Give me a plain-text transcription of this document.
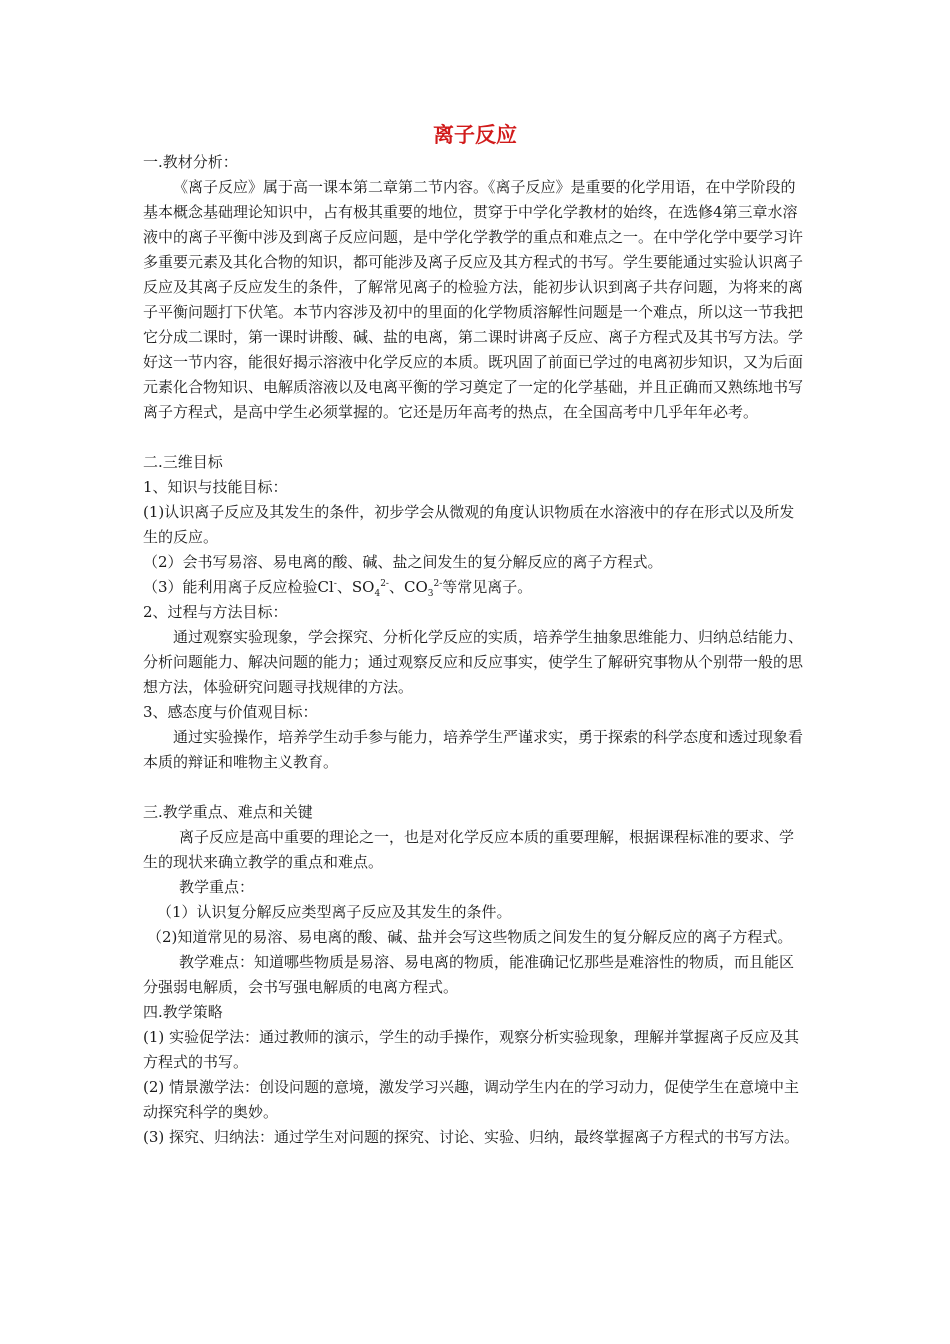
离子反应

一.教材分析：

《离子反应》属于高一课本第二章第二节内容。《离子反应》是重要的化学用语，在中学阶段的基本概念基础理论知识中，占有极其重要的地位，贯穿于中学化学教材的始终，在选修4第三章水溶液中的离子平衡中涉及到离子反应问题，是中学化学教学的重点和难点之一。在中学化学中要学习许多重要元素及其化合物的知识，都可能涉及离子反应及其方程式的书写。学生要能通过实验认识离子反应及其离子反应发生的条件，了解常见离子的检验方法，能初步认识到离子共存问题，为将来的离子平衡问题打下伏笔。本节内容涉及初中的里面的化学物质溶解性问题是一个难点，所以这一节我把它分成二课时，第一课时讲酸、碱、盐的电离，第二课时讲离子反应、离子方程式及其书写方法。学好这一节内容，能很好揭示溶液中化学反应的本质。既巩固了前面已学过的电离初步知识，又为后面元素化合物知识、电解质溶液以及电离平衡的学习奠定了一定的化学基础，并且正确而又熟练地书写离子方程式，是高中学生必须掌握的。它还是历年高考的热点，在全国高考中几乎年年必考。

二.三维目标

1、知识与技能目标：

(1)认识离子反应及其发生的条件，初步学会从微观的角度认识物质在水溶液中的存在形式以及所发生的反应。

（2）会书写易溶、易电离的酸、碱、盐之间发生的复分解反应的离子方程式。

（3）能利用离子反应检验Cl-、$SO_4^{2-}$、$CO_3^{2-}$等常见离子。

2、过程与方法目标：

通过观察实验现象，学会探究、分析化学反应的实质，培养学生抽象思维能力、归纳总结能力、分析问题能力、解决问题的能力；通过观察反应和反应事实，使学生了解研究事物从个别带一般的思想方法，体验研究问题寻找规律的方法。

3、感态度与价值观目标：

通过实验操作，培养学生动手参与能力，培养学生严谨求实，勇于探索的科学态度和透过现象看本质的辩证和唯物主义教育。

三.教学重点、难点和关键

离子反应是高中重要的理论之一，也是对化学反应本质的重要理解，根据课程标准的要求、学生的现状来确立教学的重点和难点。

教学重点：

（1）认识复分解反应类型离子反应及其发生的条件。

（2)知道常见的易溶、易电离的酸、碱、盐并会写这些物质之间发生的复分解反应的离子方程式。

教学难点：知道哪些物质是易溶、易电离的物质，能准确记忆那些是难溶性的物质，而且能区分强弱电解质，会书写强电解质的电离方程式。

四.教学策略

(1) 实验促学法：通过教师的演示，学生的动手操作，观察分析实验现象，理解并掌握离子反应及其方程式的书写。

(2) 情景激学法：创设问题的意境，激发学习兴趣，调动学生内在的学习动力，促使学生在意境中主动探究科学的奥妙。

(3) 探究、归纳法：通过学生对问题的探究、讨论、实验、归纳，最终掌握离子方程式的书写方法。
